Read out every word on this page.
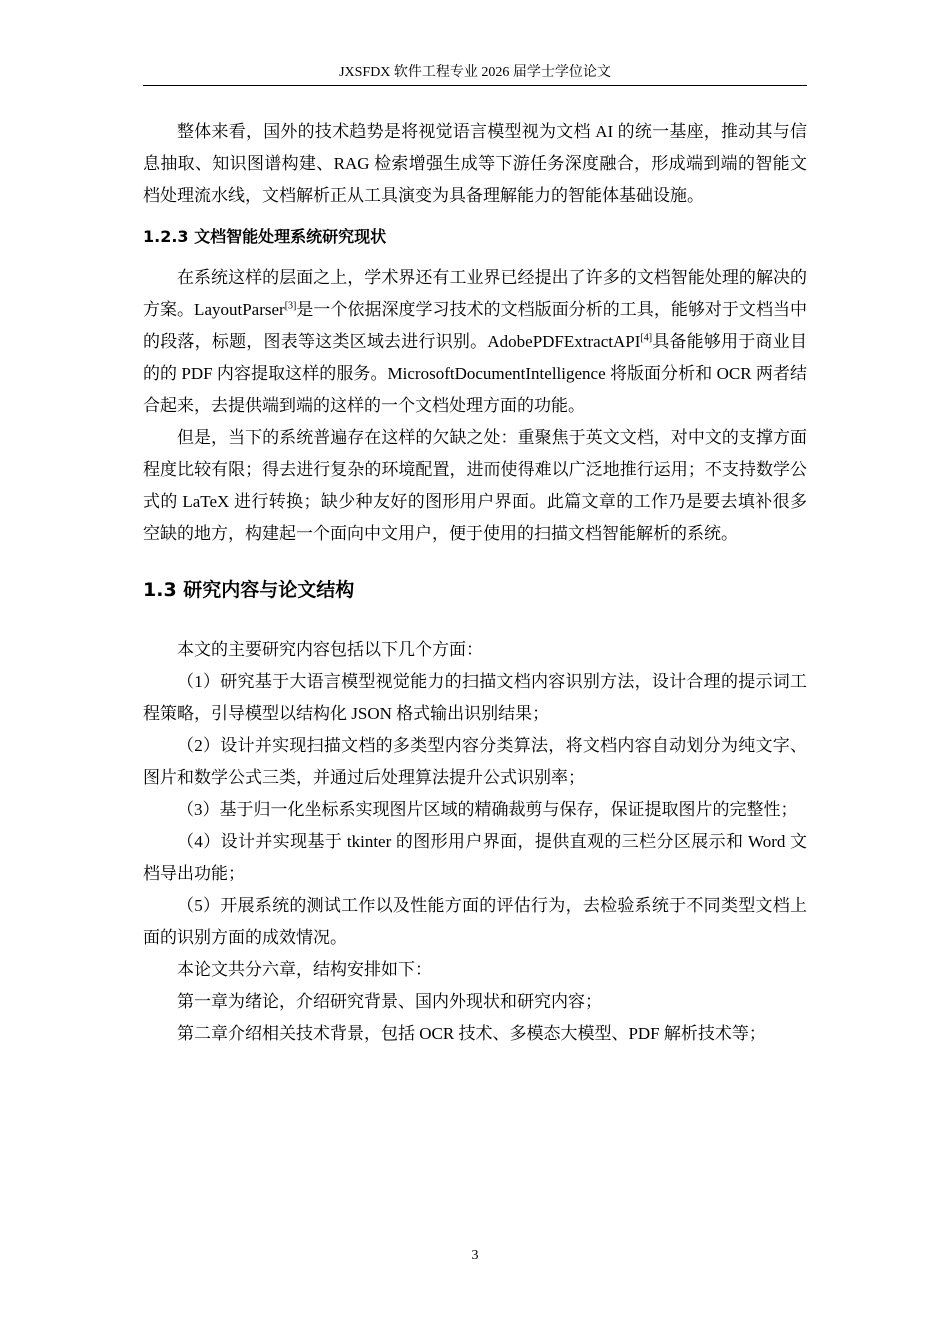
JXSFDX 软件工程专业 2026 届学士学位论文

整体来看，国外的技术趋势是将视觉语言模型视为文档 AI 的统一基座，推动其与信息抽取、知识图谱构建、RAG 检索增强生成等下游任务深度融合，形成端到端的智能文档处理流水线，文档解析正从工具演变为具备理解能力的智能体基础设施。

1.2.3 文档智能处理系统研究现状

在系统这样的层面之上，学术界还有工业界已经提出了许多的文档智能处理的解决的方案。LayoutParser[3]是一个依据深度学习技术的文档版面分析的工具，能够对于文档当中的段落，标题，图表等这类区域去进行识别。AdobePDFExtractAPI[4]具备能够用于商业目的的 PDF 内容提取这样的服务。MicrosoftDocumentIntelligence 将版面分析和 OCR 两者结合起来，去提供端到端的这样的一个文档处理方面的功能。

但是，当下的系统普遍存在这样的欠缺之处：重聚焦于英文文档，对中文的支撑方面程度比较有限；得去进行复杂的环境配置，进而使得难以广泛地推行运用；不支持数学公式的 LaTeX 进行转换；缺少种友好的图形用户界面。此篇文章的工作乃是要去填补很多空缺的地方，构建起一个面向中文用户，便于使用的扫描文档智能解析的系统。

1.3 研究内容与论文结构

本文的主要研究内容包括以下几个方面：

（1）研究基于大语言模型视觉能力的扫描文档内容识别方法，设计合理的提示词工程策略，引导模型以结构化 JSON 格式输出识别结果；

（2）设计并实现扫描文档的多类型内容分类算法，将文档内容自动划分为纯文字、图片和数学公式三类，并通过后处理算法提升公式识别率；

（3）基于归一化坐标系实现图片区域的精确裁剪与保存，保证提取图片的完整性；

（4）设计并实现基于 tkinter 的图形用户界面，提供直观的三栏分区展示和 Word 文档导出功能；

（5）开展系统的测试工作以及性能方面的评估行为，去检验系统于不同类型文档上面的识别方面的成效情况。

本论文共分六章，结构安排如下：

第一章为绪论，介绍研究背景、国内外现状和研究内容；

第二章介绍相关技术背景，包括 OCR 技术、多模态大模型、PDF 解析技术等；

3
